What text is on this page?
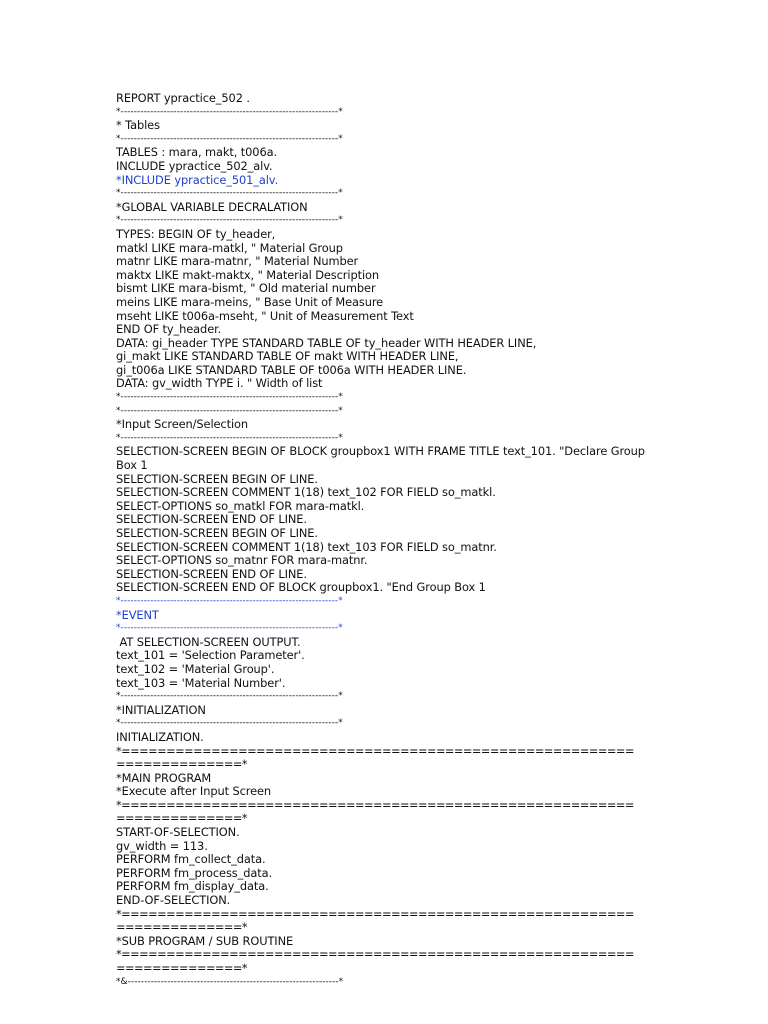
REPORT ypractice_502 .
*------------------------------------------------------------------*
* Tables
*------------------------------------------------------------------*
TABLES : mara, makt, t006a.
INCLUDE ypractice_502_alv.
*INCLUDE ypractice_501_alv.
*------------------------------------------------------------------*
*GLOBAL VARIABLE DECRALATION
*------------------------------------------------------------------*
TYPES: BEGIN OF ty_header,
matkl LIKE mara-matkl, " Material Group
matnr LIKE mara-matnr, " Material Number
maktx LIKE makt-maktx, " Material Description
bismt LIKE mara-bismt, " Old material number
meins LIKE mara-meins, " Base Unit of Measure
mseht LIKE t006a-mseht, " Unit of Measurement Text
END OF ty_header.
DATA: gi_header TYPE STANDARD TABLE OF ty_header WITH HEADER LINE,
gi_makt LIKE STANDARD TABLE OF makt WITH HEADER LINE,
gi_t006a LIKE STANDARD TABLE OF t006a WITH HEADER LINE.
DATA: gv_width TYPE i. " Width of list
*------------------------------------------------------------------*
*------------------------------------------------------------------*
*Input Screen/Selection
*------------------------------------------------------------------*
SELECTION-SCREEN BEGIN OF BLOCK groupbox1 WITH FRAME TITLE text_101. "Declare Group
Box 1
SELECTION-SCREEN BEGIN OF LINE.
SELECTION-SCREEN COMMENT 1(18) text_102 FOR FIELD so_matkl.
SELECT-OPTIONS so_matkl FOR mara-matkl.
SELECTION-SCREEN END OF LINE.
SELECTION-SCREEN BEGIN OF LINE.
SELECTION-SCREEN COMMENT 1(18) text_103 FOR FIELD so_matnr.
SELECT-OPTIONS so_matnr FOR mara-matnr.
SELECTION-SCREEN END OF LINE.
SELECTION-SCREEN END OF BLOCK groupbox1. "End Group Box 1
*------------------------------------------------------------------*
*EVENT
*------------------------------------------------------------------*
AT SELECTION-SCREEN OUTPUT.
text_101 = 'Selection Parameter'.
text_102 = 'Material Group'.
text_103 = 'Material Number'.
*------------------------------------------------------------------*
*INITIALIZATION
*------------------------------------------------------------------*
INITIALIZATION.
*=========================================================
==============*
*MAIN PROGRAM
*Execute after Input Screen
*=========================================================
==============*
START-OF-SELECTION.
gv_width = 113.
PERFORM fm_collect_data.
PERFORM fm_process_data.
PERFORM fm_display_data.
END-OF-SELECTION.
*=========================================================
==============*
*SUB PROGRAM / SUB ROUTINE
*=========================================================
==============*
*&----------------------------------------------------------------*
